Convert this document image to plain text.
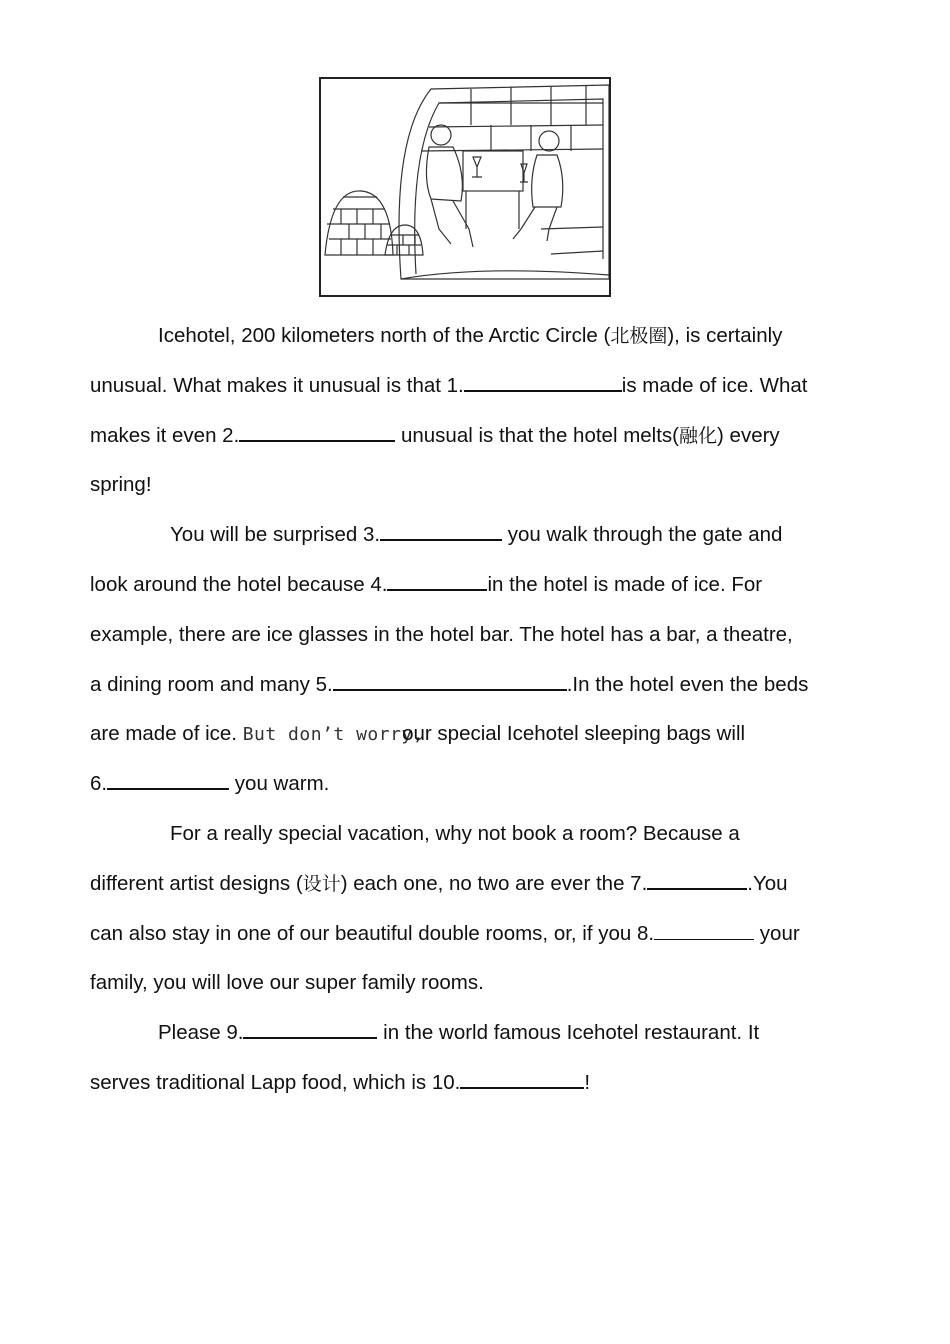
Icehotel, 200 kilometers north of the Arctic Circle (北极圈), is certainly
unusual. What makes it unusual is that 1.	is made of ice. What
makes it even 2.	unusual is that the hotel melts(融化) every
spring!
You will be surprised 3.	you walk through the gate and
look around the hotel because 4.	in the hotel is made of ice. For
example, there are ice glasses in the hotel bar. The hotel has a bar, a theatre,
a dining room and many 5.	.In the hotel even the beds
are made of ice. But don’t worry,our special Icehotel sleeping bags will
6.	you warm.
For a really special vacation, why not book a room? Because a
different artist designs (设计) each one, no two are ever the 7.	.You
can also stay in one of our beautiful double rooms, or, if you 8.	your
family, you will love our super family rooms.
Please 9.	in the world famous Icehotel restaurant. It
serves traditional Lapp food, which is 10.	!
